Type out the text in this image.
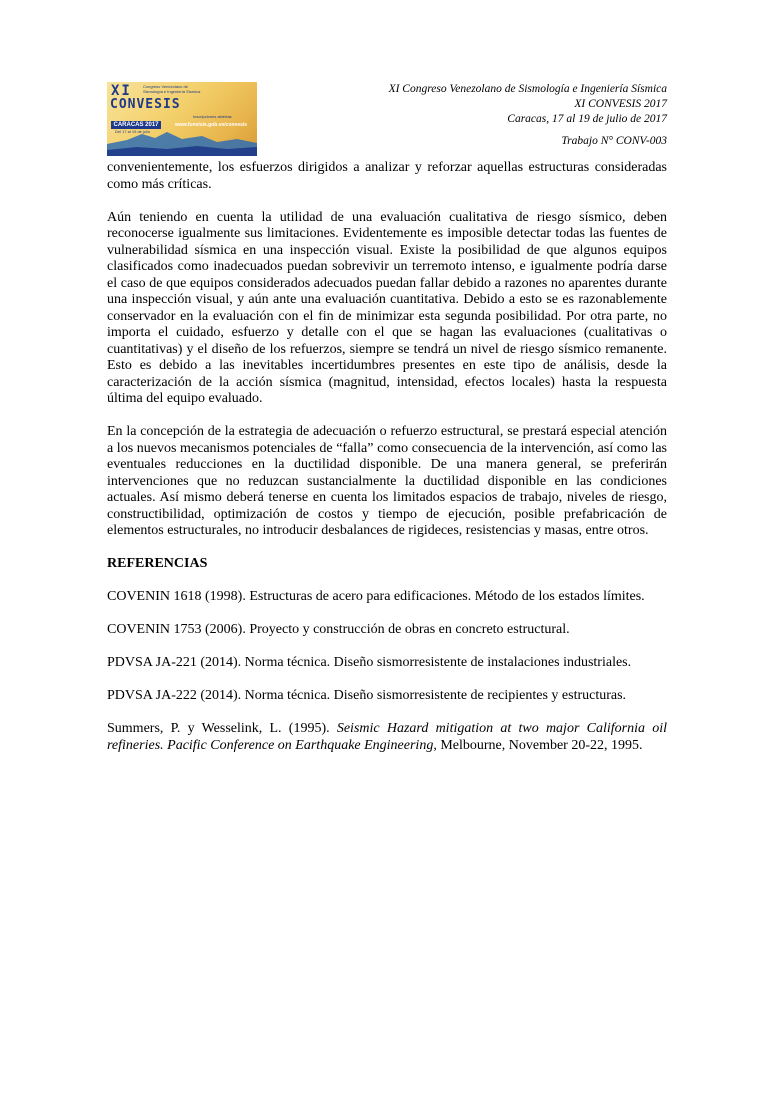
XI	Congreso Venezolano de Sismología e Ingeniería Sísmica
CONVESIS
Inscripciones abiertas
www.funvisis.gob.ve/convesis
CARACAS 2017
Del 17 al 19 de julio
XI Congreso Venezolano de Sismología e Ingeniería Sísmica
XI CONVESIS 2017
Caracas, 17 al 19 de julio de 2017
Trabajo N° CONV-003

convenientemente, los esfuerzos dirigidos a analizar y reforzar aquellas estructuras consideradas como más críticas.

Aún teniendo en cuenta la utilidad de una evaluación cualitativa de riesgo sísmico, deben reconocerse igualmente sus limitaciones. Evidentemente es imposible detectar todas las fuentes de vulnerabilidad sísmica en una inspección visual. Existe la posibilidad de que algunos equipos clasificados como inadecuados puedan sobrevivir un terremoto intenso, e igualmente podría darse el caso de que equipos considerados adecuados puedan fallar debido a razones no aparentes durante una inspección visual, y aún ante una evaluación cuantitativa. Debido a esto se es razonablemente conservador en la evaluación con el fin de minimizar esta segunda posibilidad. Por otra parte, no importa el cuidado, esfuerzo y detalle con el que se hagan las evaluaciones (cualitativas o cuantitativas) y el diseño de los refuerzos, siempre se tendrá un nivel de riesgo sísmico remanente. Esto es debido a las inevitables incertidumbres presentes en este tipo de análisis, desde la caracterización de la acción sísmica (magnitud, intensidad, efectos locales) hasta la respuesta última del equipo evaluado.

En la concepción de la estrategia de adecuación o refuerzo estructural, se prestará especial atención a los nuevos mecanismos potenciales de “falla” como consecuencia de la intervención, así como las eventuales reducciones en la ductilidad disponible. De una manera general, se preferirán intervenciones que no reduzcan sustancialmente la ductilidad disponible en las condiciones actuales. Así mismo deberá tenerse en cuenta los limitados espacios de trabajo, niveles de riesgo, constructibilidad, optimización de costos y tiempo de ejecución, posible prefabricación de elementos estructurales, no introducir desbalances de rigideces, resistencias y masas, entre otros.

REFERENCIAS

COVENIN 1618 (1998). Estructuras de acero para edificaciones. Método de los estados límites.

COVENIN 1753 (2006). Proyecto y construcción de obras en concreto estructural.

PDVSA JA-221 (2014). Norma técnica. Diseño sismorresistente de instalaciones industriales.

PDVSA JA-222 (2014). Norma técnica. Diseño sismorresistente de recipientes y estructuras.

Summers, P. y Wesselink, L. (1995). Seismic Hazard mitigation at two major California oil refineries. Pacific Conference on Earthquake Engineering, Melbourne, November 20-22, 1995.
